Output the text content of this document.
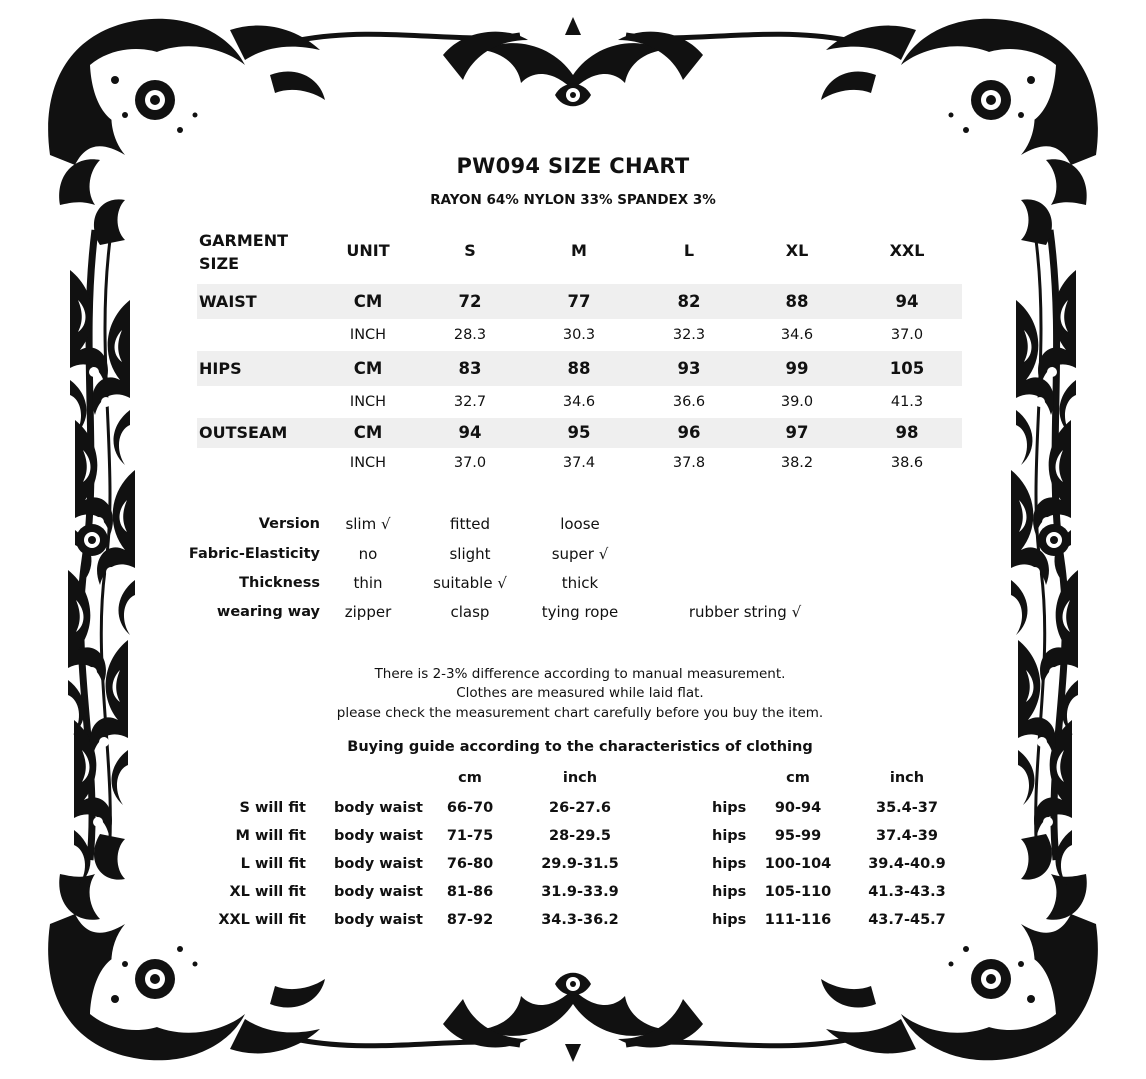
PW094 SIZE CHART
RAYON 64% NYLON 33% SPANDEX 3%
GARMENT
SIZE
UNIT	S	M	L	XL	XXL
WAIST	CM	72	77	82	88	94
INCH	28.3	30.3	32.3	34.6	37.0
HIPS	CM	83	88	93	99	105
INCH	32.7	34.6	36.6	39.0	41.3
OUTSEAM	CM	94	95	96	97	98
INCH	37.0	37.4	37.8	38.2	38.6
Version	slim √	fitted	loose
Fabric-Elasticity	no	slight	super √
Thickness	thin	suitable √	thick
wearing way	zipper	clasp	tying rope	rubber string √
There is 2-3% difference according to manual measurement.
Clothes are measured while laid flat.
please check the measurement chart carefully before you buy the item.
Buying guide according to the characteristics of clothing
cm	inch	cm	inch
S will fit body waist	66-70	26-27.6	hips	90-94	35.4-37
M will fit body waist	71-75	28-29.5	hips	95-99	37.4-39
L will fit body waist	76-80	29.9-31.5	hips	100-104	39.4-40.9
XL will fit body waist	81-86	31.9-33.9	hips	105-110	41.3-43.3
XXL will fit body waist	87-92	34.3-36.2	hips	111-116	43.7-45.7
